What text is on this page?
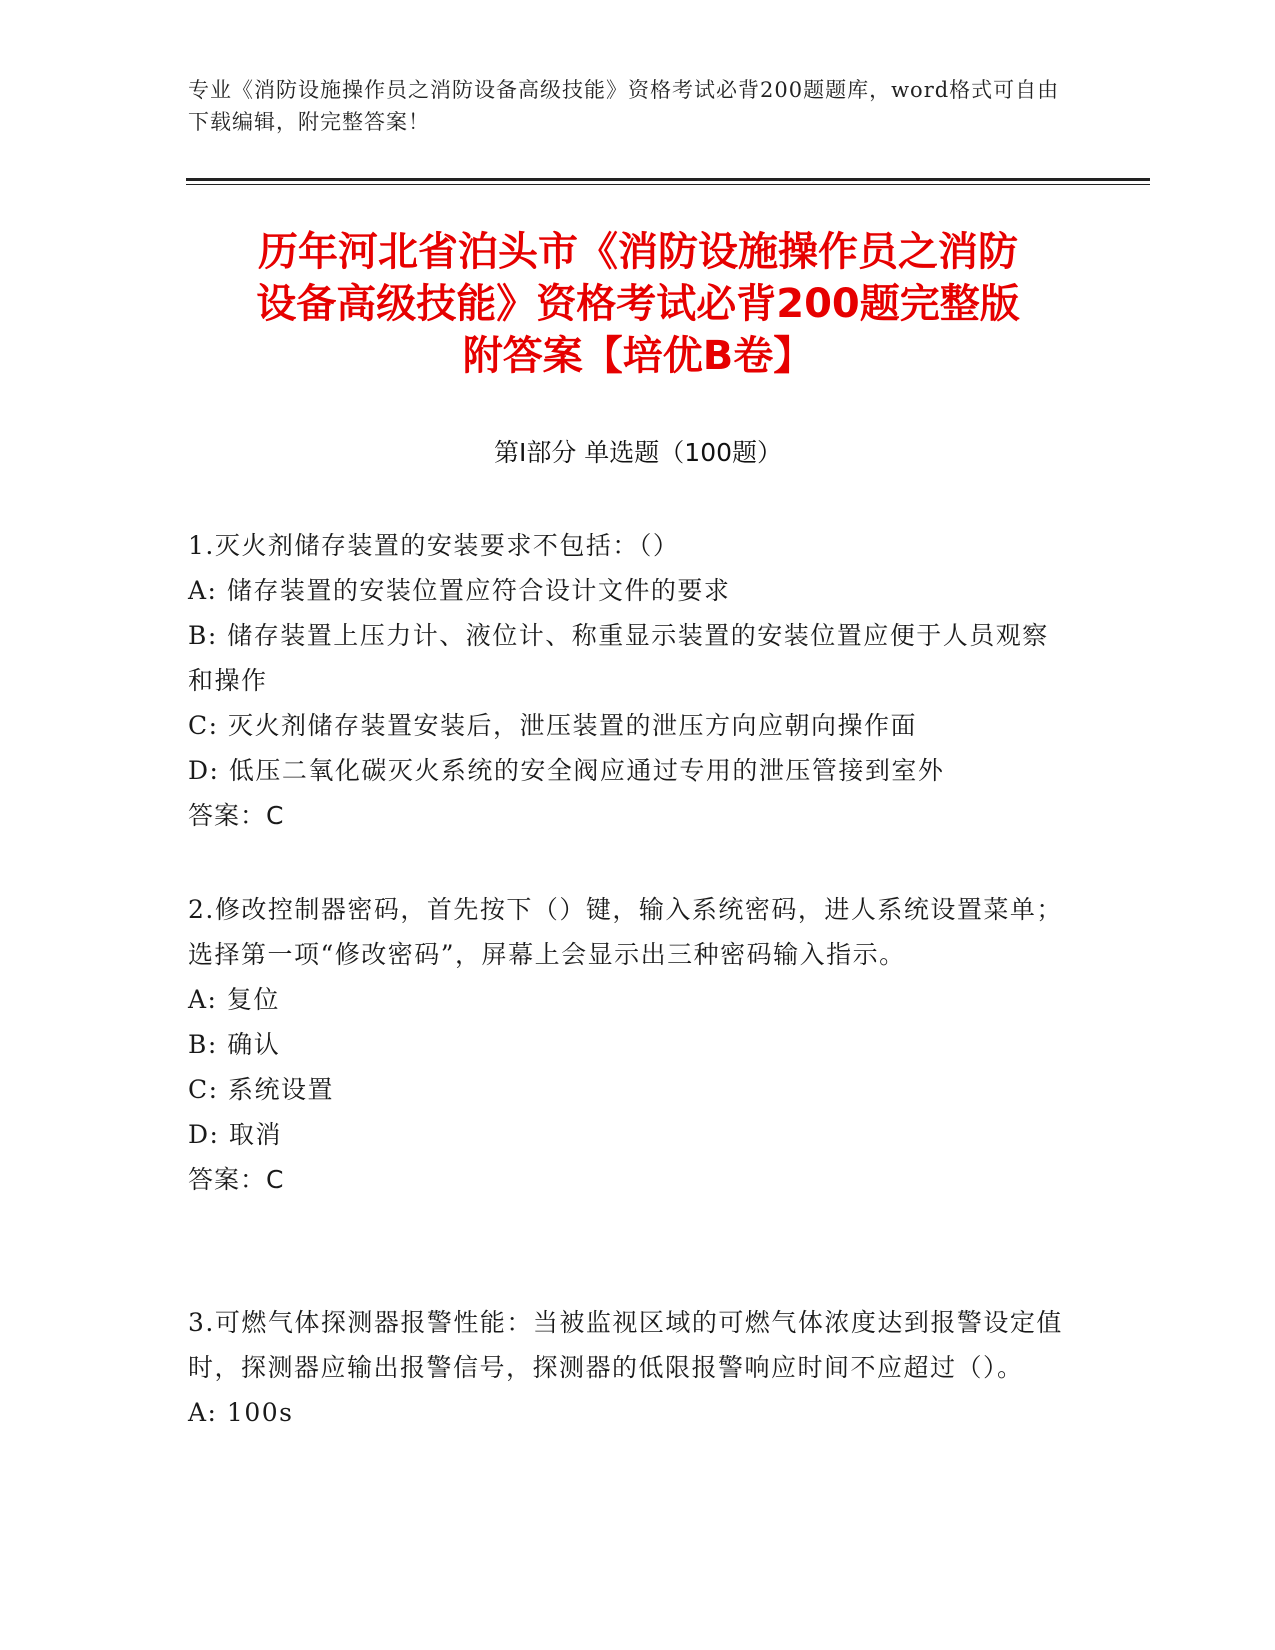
专业《消防设施操作员之消防设备高级技能》资格考试必背200题题库，word格式可自由下载编辑，附完整答案！
历年河北省泊头市《消防设施操作员之消防
设备高级技能》资格考试必背200题完整版
附答案【培优B卷】
第I部分 单选题（100题）
1.灭火剂储存装置的安装要求不包括：（）
A: 储存装置的安装位置应符合设计文件的要求
B: 储存装置上压力计、液位计、称重显示装置的安装位置应便于人员观察和操作
C: 灭火剂储存装置安装后，泄压装置的泄压方向应朝向操作面
D: 低压二氧化碳灭火系统的安全阀应通过专用的泄压管接到室外
答案：C
2.修改控制器密码，首先按下（）键，输入系统密码，进人系统设置菜单；选择第一项“修改密码”，屏幕上会显示出三种密码输入指示。
A: 复位
B: 确认
C: 系统设置
D: 取消
答案：C
3.可燃气体探测器报警性能：当被监视区域的可燃气体浓度达到报警设定值时，探测器应输出报警信号，探测器的低限报警响应时间不应超过（）。
A: 100s
